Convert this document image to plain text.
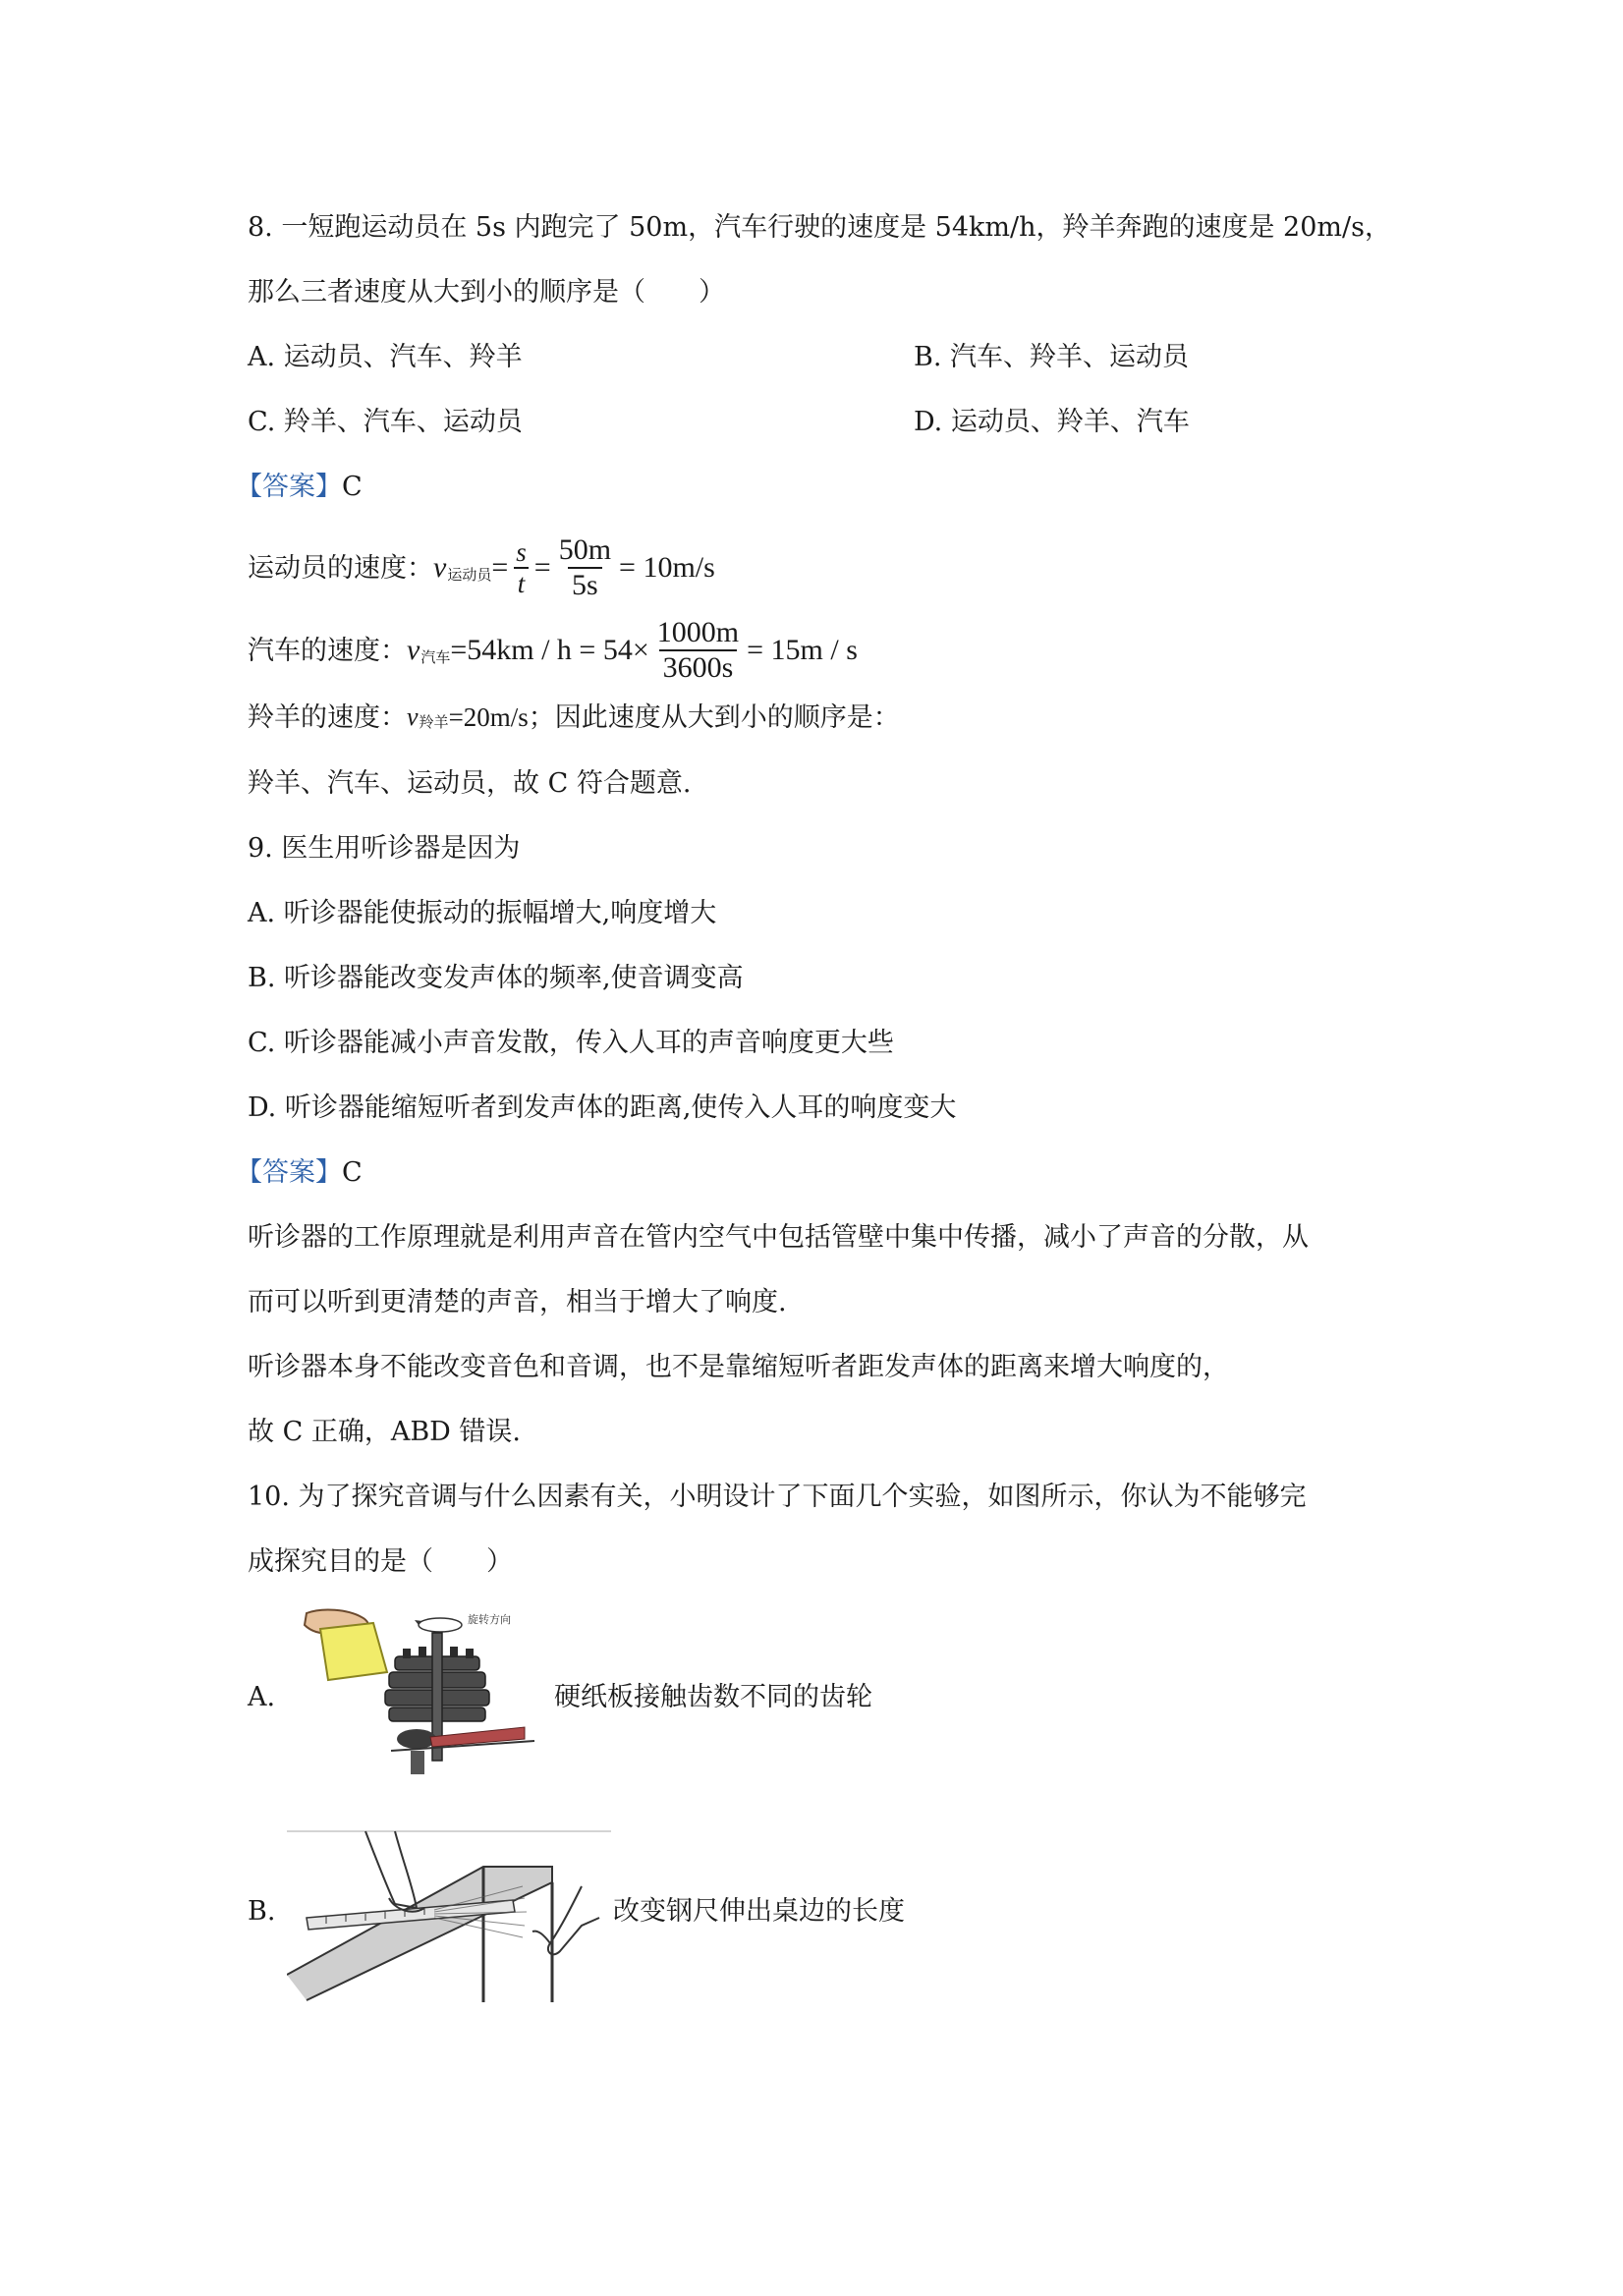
8. 一短跑运动员在 5s 内跑完了 50m，汽车行驶的速度是 54km/h，羚羊奔跑的速度是 20m/s，
那么三者速度从大到小的顺序是（　　）
A. 运动员、汽车、羚羊	B. 汽车、羚羊、运动员
C. 羚羊、汽车、运动员	D. 运动员、羚羊、汽车
【答案】C
运动员的速度： v 运动员 = $\frac{s}{t} = \frac{50m}{5s} = 10m/s$
汽车的速度： v 汽车 $=54km / h = 54\times \frac{1000m}{3600s} = 15m / s$
羚羊的速度： v 羚羊 =20m/s；因此速度从大到小的顺序是：
羚羊、汽车、运动员，故 C 符合题意.
9. 医生用听诊器是因为
A. 听诊器能使振动的振幅增大,响度增大
B. 听诊器能改变发声体的频率,使音调变高
C. 听诊器能减小声音发散，传入人耳的声音响度更大些
D. 听诊器能缩短听者到发声体的距离,使传入人耳的响度变大
【答案】C
听诊器的工作原理就是利用声音在管内空气中包括管壁中集中传播，减小了声音的分散，从
而可以听到更清楚的声音，相当于增大了响度.
听诊器本身不能改变音色和音调，也不是靠缩短听者距发声体的距离来增大响度的，
故 C 正确，ABD 错误.
10. 为了探究音调与什么因素有关，小明设计了下面几个实验，如图所示，你认为不能够完
成探究目的是（　　）
A.
旋转方向
硬纸板接触齿数不同的齿轮
B.	改变钢尺伸出桌边的长度
